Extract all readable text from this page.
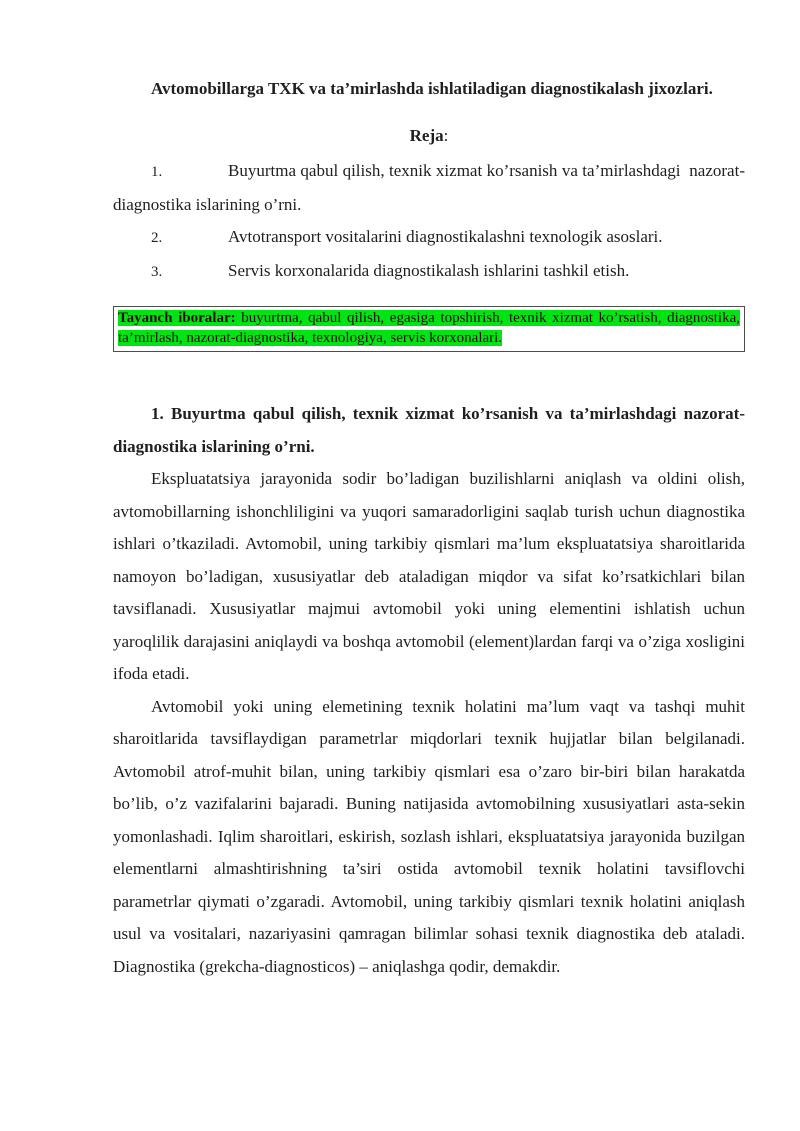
Avtomobillarga TXK va ta’mirlashda ishlatiladigan diagnostikalash jixozlari.
Reja:
1.	Buyurtma qabul qilish, texnik xizmat ko’rsanish va ta’mirlashdagi  nazorat-diagnostika islarining o’rni.
2.	Avtotransport vositalarini diagnostikalashni texnologik asoslari.
3.	Servis korxonalarida diagnostikalash ishlarini tashkil etish.
Tayanch iboralar: buyurtma, qabul qilish, egasiga topshirish, texnik xizmat ko’rsatish, diagnostika, ta’mirlash, nazorat-diagnostika, texnologiya, servis korxonalari.
1. Buyurtma qabul qilish, texnik xizmat ko’rsanish va ta’mirlashdagi nazorat-diagnostika islarining o’rni.

Ekspluatatsiya jarayonida sodir bo’ladigan buzilishlarni aniqlash va oldini olish, avtomobillarning ishonchliligini va yuqori samaradorligini saqlab turish uchun diagnostika ishlari o’tkaziladi. Avtomobil, uning tarkibiy qismlari ma’lum ekspluatatsiya sharoitlarida namoyon bo’ladigan, xususiyatlar deb ataladigan miqdor va sifat ko’rsatkichlari bilan tavsiflanadi. Xususiyatlar majmui avtomobil yoki uning elementini ishlatish uchun yaroqlilik darajasini aniqlaydi va boshqa avtomobil (element)lardan farqi va o’ziga xosligini ifoda etadi.

Avtomobil yoki uning elemetining texnik holatini ma’lum vaqt va tashqi muhit sharoitlarida tavsiflaydigan parametrlar miqdorlari texnik hujjatlar bilan belgilanadi. Avtomobil atrof-muhit bilan, uning tarkibiy qismlari esa o’zaro bir-biri bilan harakatda bo’lib, o’z vazifalarini bajaradi. Buning natijasida avtomobilning xususiyatlari asta-sekin yomonlashadi. Iqlim sharoitlari, eskirish, sozlash ishlari, ekspluatatsiya jarayonida buzilgan elementlarni almashtirishning ta’siri ostida avtomobil texnik holatini tavsiflovchi parametrlar qiymati o’zgaradi. Avtomobil, uning tarkibiy qismlari texnik holatini aniqlash usul va vositalari, nazariyasini qamragan bilimlar sohasi texnik diagnostika deb ataladi. Diagnostika (grekcha-diagnosticos) – aniqlashga qodir, demakdir.
